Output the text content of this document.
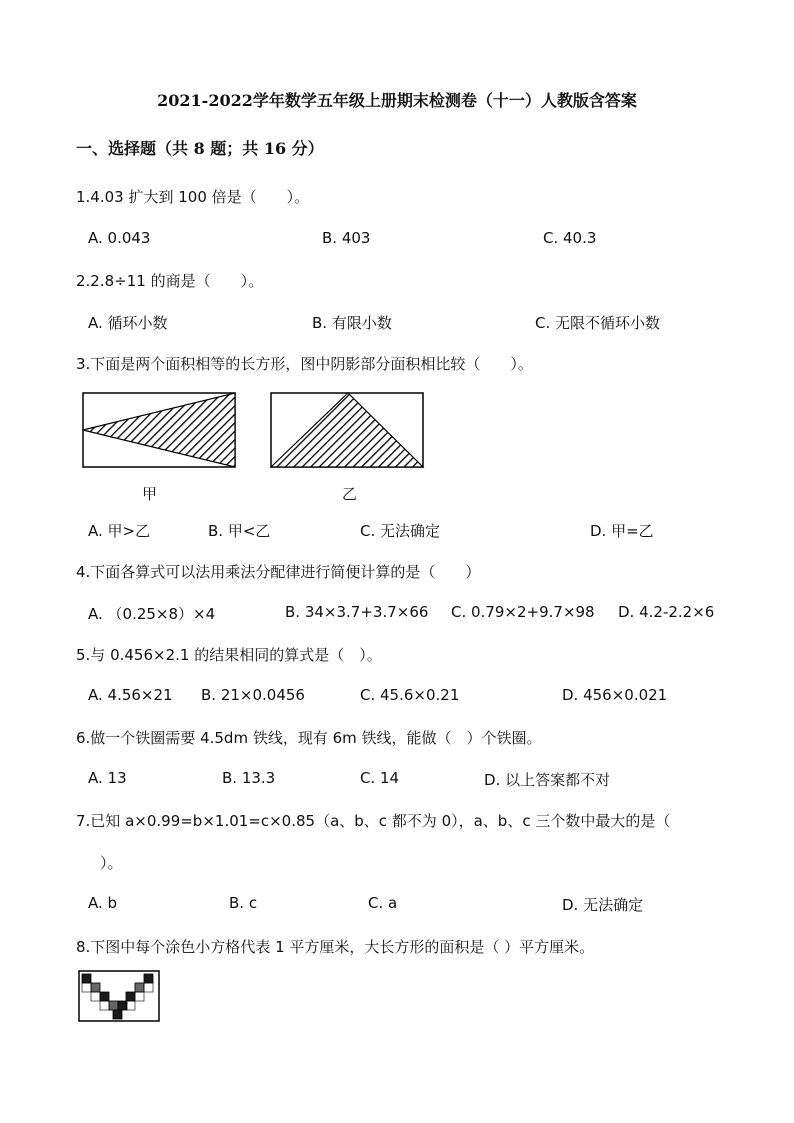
2021-2022学年数学五年级上册期末检测卷（十一）人教版含答案
一、选择题（共 8 题；共 16 分）
1.4.03 扩大到 100 倍是（　　）。
A. 0.043	B. 403	C. 40.3
2.2.8÷11 的商是（　　）。
A. 循环小数	B. 有限小数	C. 无限不循环小数
3.下面是两个面积相等的长方形，图中阴影部分面积相比较（　　）。
甲	乙
A. 甲>乙	B. 甲<乙	C. 无法确定	D. 甲=乙
4.下面各算式可以法用乘法分配律进行简便计算的是（　　）
A. （0.25×8）×4	B. 34×3.7+3.7×66 C. 0.79×2+9.7×98 D. 4.2-2.2×6
5.与 0.456×2.1 的结果相同的算式是（　）。
A. 4.56×21 B. 21×0.0456	C. 45.6×0.21	D. 456×0.021
6.做一个铁圈需要 4.5dm 铁线，现有 6m 铁线，能做（　）个铁圈。
A. 13	B. 13.3	C. 14	D. 以上答案都不对
7.已知 a×0.99=b×1.01=c×0.85（a、b、c 都不为 0），a、b、c 三个数中最大的是（
）。
A. b	B. c	C. a	D. 无法确定
8.下图中每个涂色小方格代表 1 平方厘米，大长方形的面积是（ ）平方厘米。
